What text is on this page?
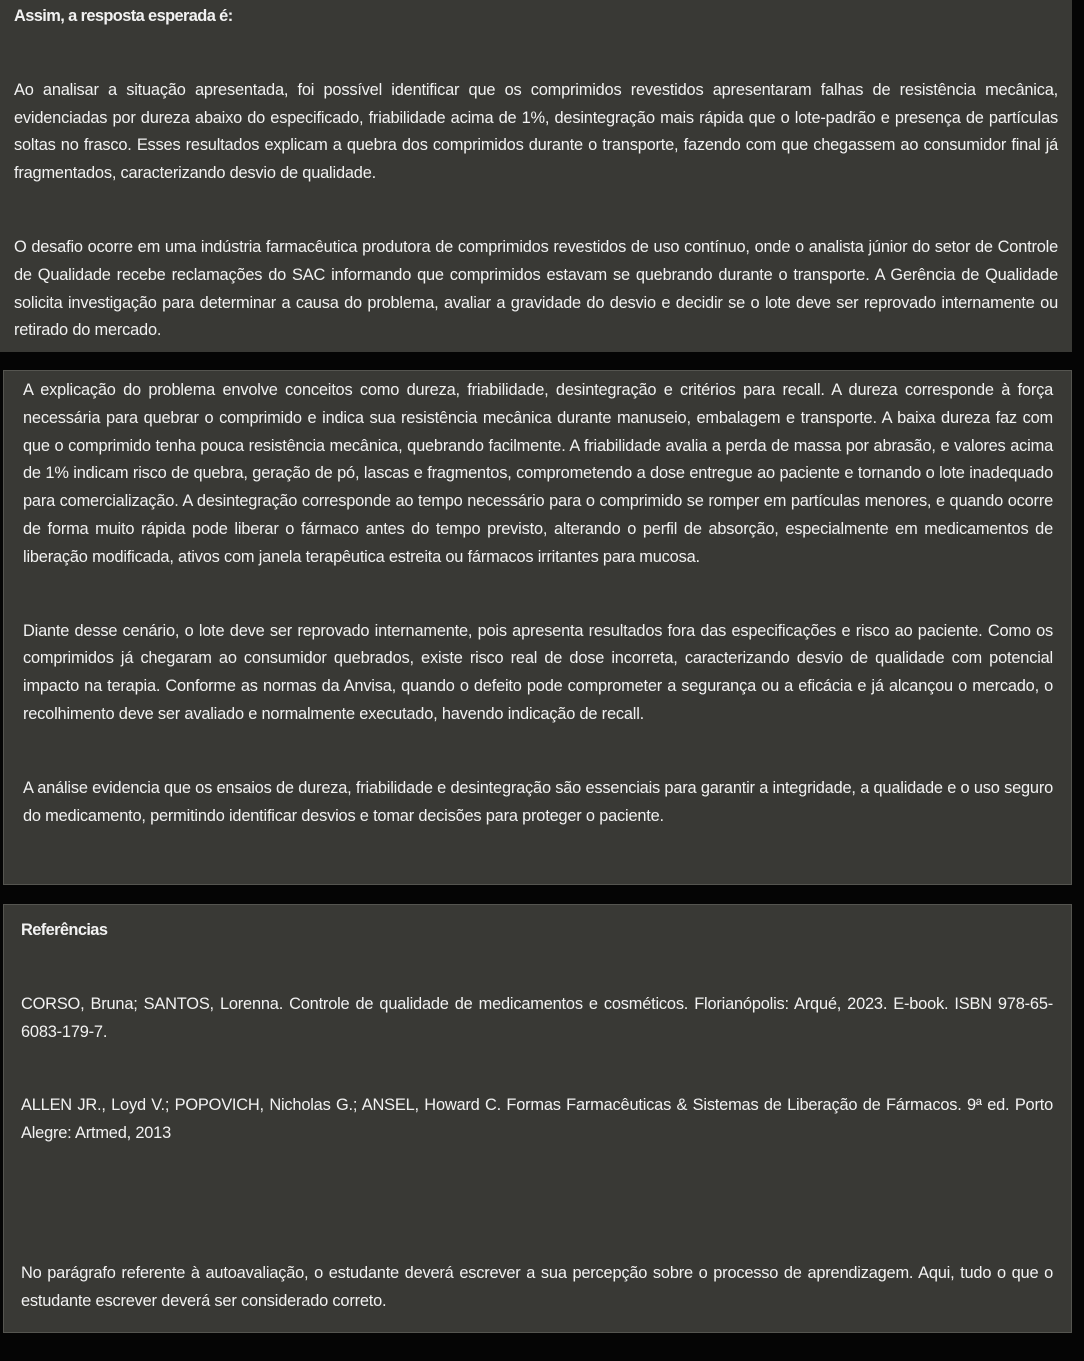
Assim, a resposta esperada é:

Ao analisar a situação apresentada, foi possível identificar que os comprimidos revestidos apresentaram falhas de resistência mecânica, evidenciadas por dureza abaixo do especificado, friabilidade acima de 1%, desintegração mais rápida que o lote-padrão e presença de partículas soltas no frasco. Esses resultados explicam a quebra dos comprimidos durante o transporte, fazendo com que chegassem ao consumidor final já fragmentados, caracterizando desvio de qualidade.

O desafio ocorre em uma indústria farmacêutica produtora de comprimidos revestidos de uso contínuo, onde o analista júnior do setor de Controle de Qualidade recebe reclamações do SAC informando que comprimidos estavam se quebrando durante o transporte. A Gerência de Qualidade solicita investigação para determinar a causa do problema, avaliar a gravidade do desvio e decidir se o lote deve ser reprovado internamente ou retirado do mercado.

A explicação do problema envolve conceitos como dureza, friabilidade, desintegração e critérios para recall. A dureza corresponde à força necessária para quebrar o comprimido e indica sua resistência mecânica durante manuseio, embalagem e transporte. A baixa dureza faz com que o comprimido tenha pouca resistência mecânica, quebrando facilmente. A friabilidade avalia a perda de massa por abrasão, e valores acima de 1% indicam risco de quebra, geração de pó, lascas e fragmentos, comprometendo a dose entregue ao paciente e tornando o lote inadequado para comercialização. A desintegração corresponde ao tempo necessário para o comprimido se romper em partículas menores, e quando ocorre de forma muito rápida pode liberar o fármaco antes do tempo previsto, alterando o perfil de absorção, especialmente em medicamentos de liberação modificada, ativos com janela terapêutica estreita ou fármacos irritantes para mucosa.

Diante desse cenário, o lote deve ser reprovado internamente, pois apresenta resultados fora das especificações e risco ao paciente. Como os comprimidos já chegaram ao consumidor quebrados, existe risco real de dose incorreta, caracterizando desvio de qualidade com potencial impacto na terapia. Conforme as normas da Anvisa, quando o defeito pode comprometer a segurança ou a eficácia e já alcançou o mercado, o recolhimento deve ser avaliado e normalmente executado, havendo indicação de recall.

A análise evidencia que os ensaios de dureza, friabilidade e desintegração são essenciais para garantir a integridade, a qualidade e o uso seguro do medicamento, permitindo identificar desvios e tomar decisões para proteger o paciente.

Referências

CORSO, Bruna; SANTOS, Lorenna. Controle de qualidade de medicamentos e cosméticos. Florianópolis: Arqué, 2023. E-book. ISBN 978-65-6083-179-7.

ALLEN JR., Loyd V.; POPOVICH, Nicholas G.; ANSEL, Howard C. Formas Farmacêuticas & Sistemas de Liberação de Fármacos. 9ª ed. Porto Alegre: Artmed, 2013

No parágrafo referente à autoavaliação, o estudante deverá escrever a sua percepção sobre o processo de aprendizagem. Aqui, tudo o que o estudante escrever deverá ser considerado correto.
